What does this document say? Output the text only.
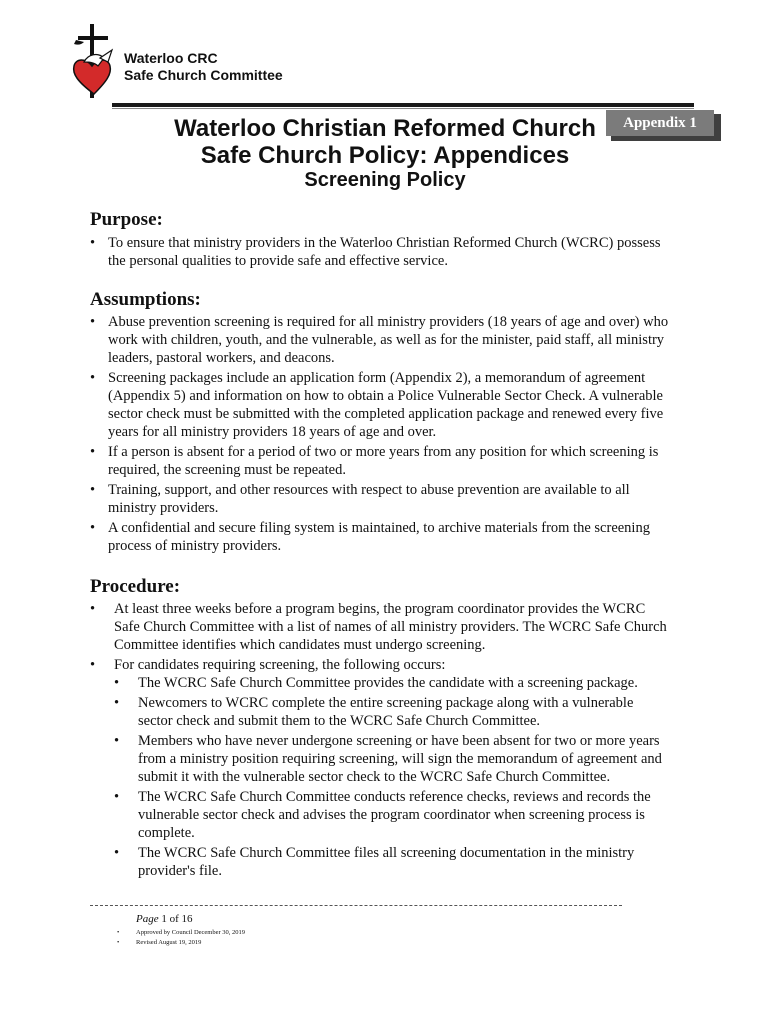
Waterloo CRC
Safe Church Committee
Appendix 1
Waterloo Christian Reformed Church
Safe Church Policy: Appendices
Screening Policy
Purpose:
• To ensure that ministry providers in the Waterloo Christian Reformed Church (WCRC) possess the personal qualities to provide safe and effective service.
Assumptions:
• Abuse prevention screening is required for all ministry providers (18 years of age and over) who work with children, youth, and the vulnerable, as well as for the minister, paid staff, all ministry leaders, pastoral workers, and deacons.
• Screening packages include an application form (Appendix 2), a memorandum of agreement (Appendix 5) and information on how to obtain a Police Vulnerable Sector Check. A vulnerable sector check must be submitted with the completed application package and renewed every five years for all ministry providers 18 years of age and over.
• If a person is absent for a period of two or more years from any position for which screening is required, the screening must be repeated.
• Training, support, and other resources with respect to abuse prevention are available to all ministry providers.
• A confidential and secure filing system is maintained, to archive materials from the screening process of ministry providers.
Procedure:
•	At least three weeks before a program begins, the program coordinator provides the WCRC Safe Church Committee with a list of names of all ministry providers. The WCRC Safe Church Committee identifies which candidates must undergo screening.
•	For candidates requiring screening, the following occurs:
•	The WCRC Safe Church Committee provides the candidate with a screening package.
•	Newcomers to WCRC complete the entire screening package along with a vulnerable sector check and submit them to the WCRC Safe Church Committee.
•	Members who have never undergone screening or have been absent for two or more years from a ministry position requiring screening, will sign the memorandum of agreement and submit it with the vulnerable sector check to the WCRC Safe Church Committee.
•	The WCRC Safe Church Committee conducts reference checks, reviews and records the vulnerable sector check and advises the program coordinator when screening process is complete.
•	The WCRC Safe Church Committee files all screening documentation in the ministry provider's file.
Page 1 of 16
•	Approved by Council December 30, 2019
•	Revised August 19, 2019
